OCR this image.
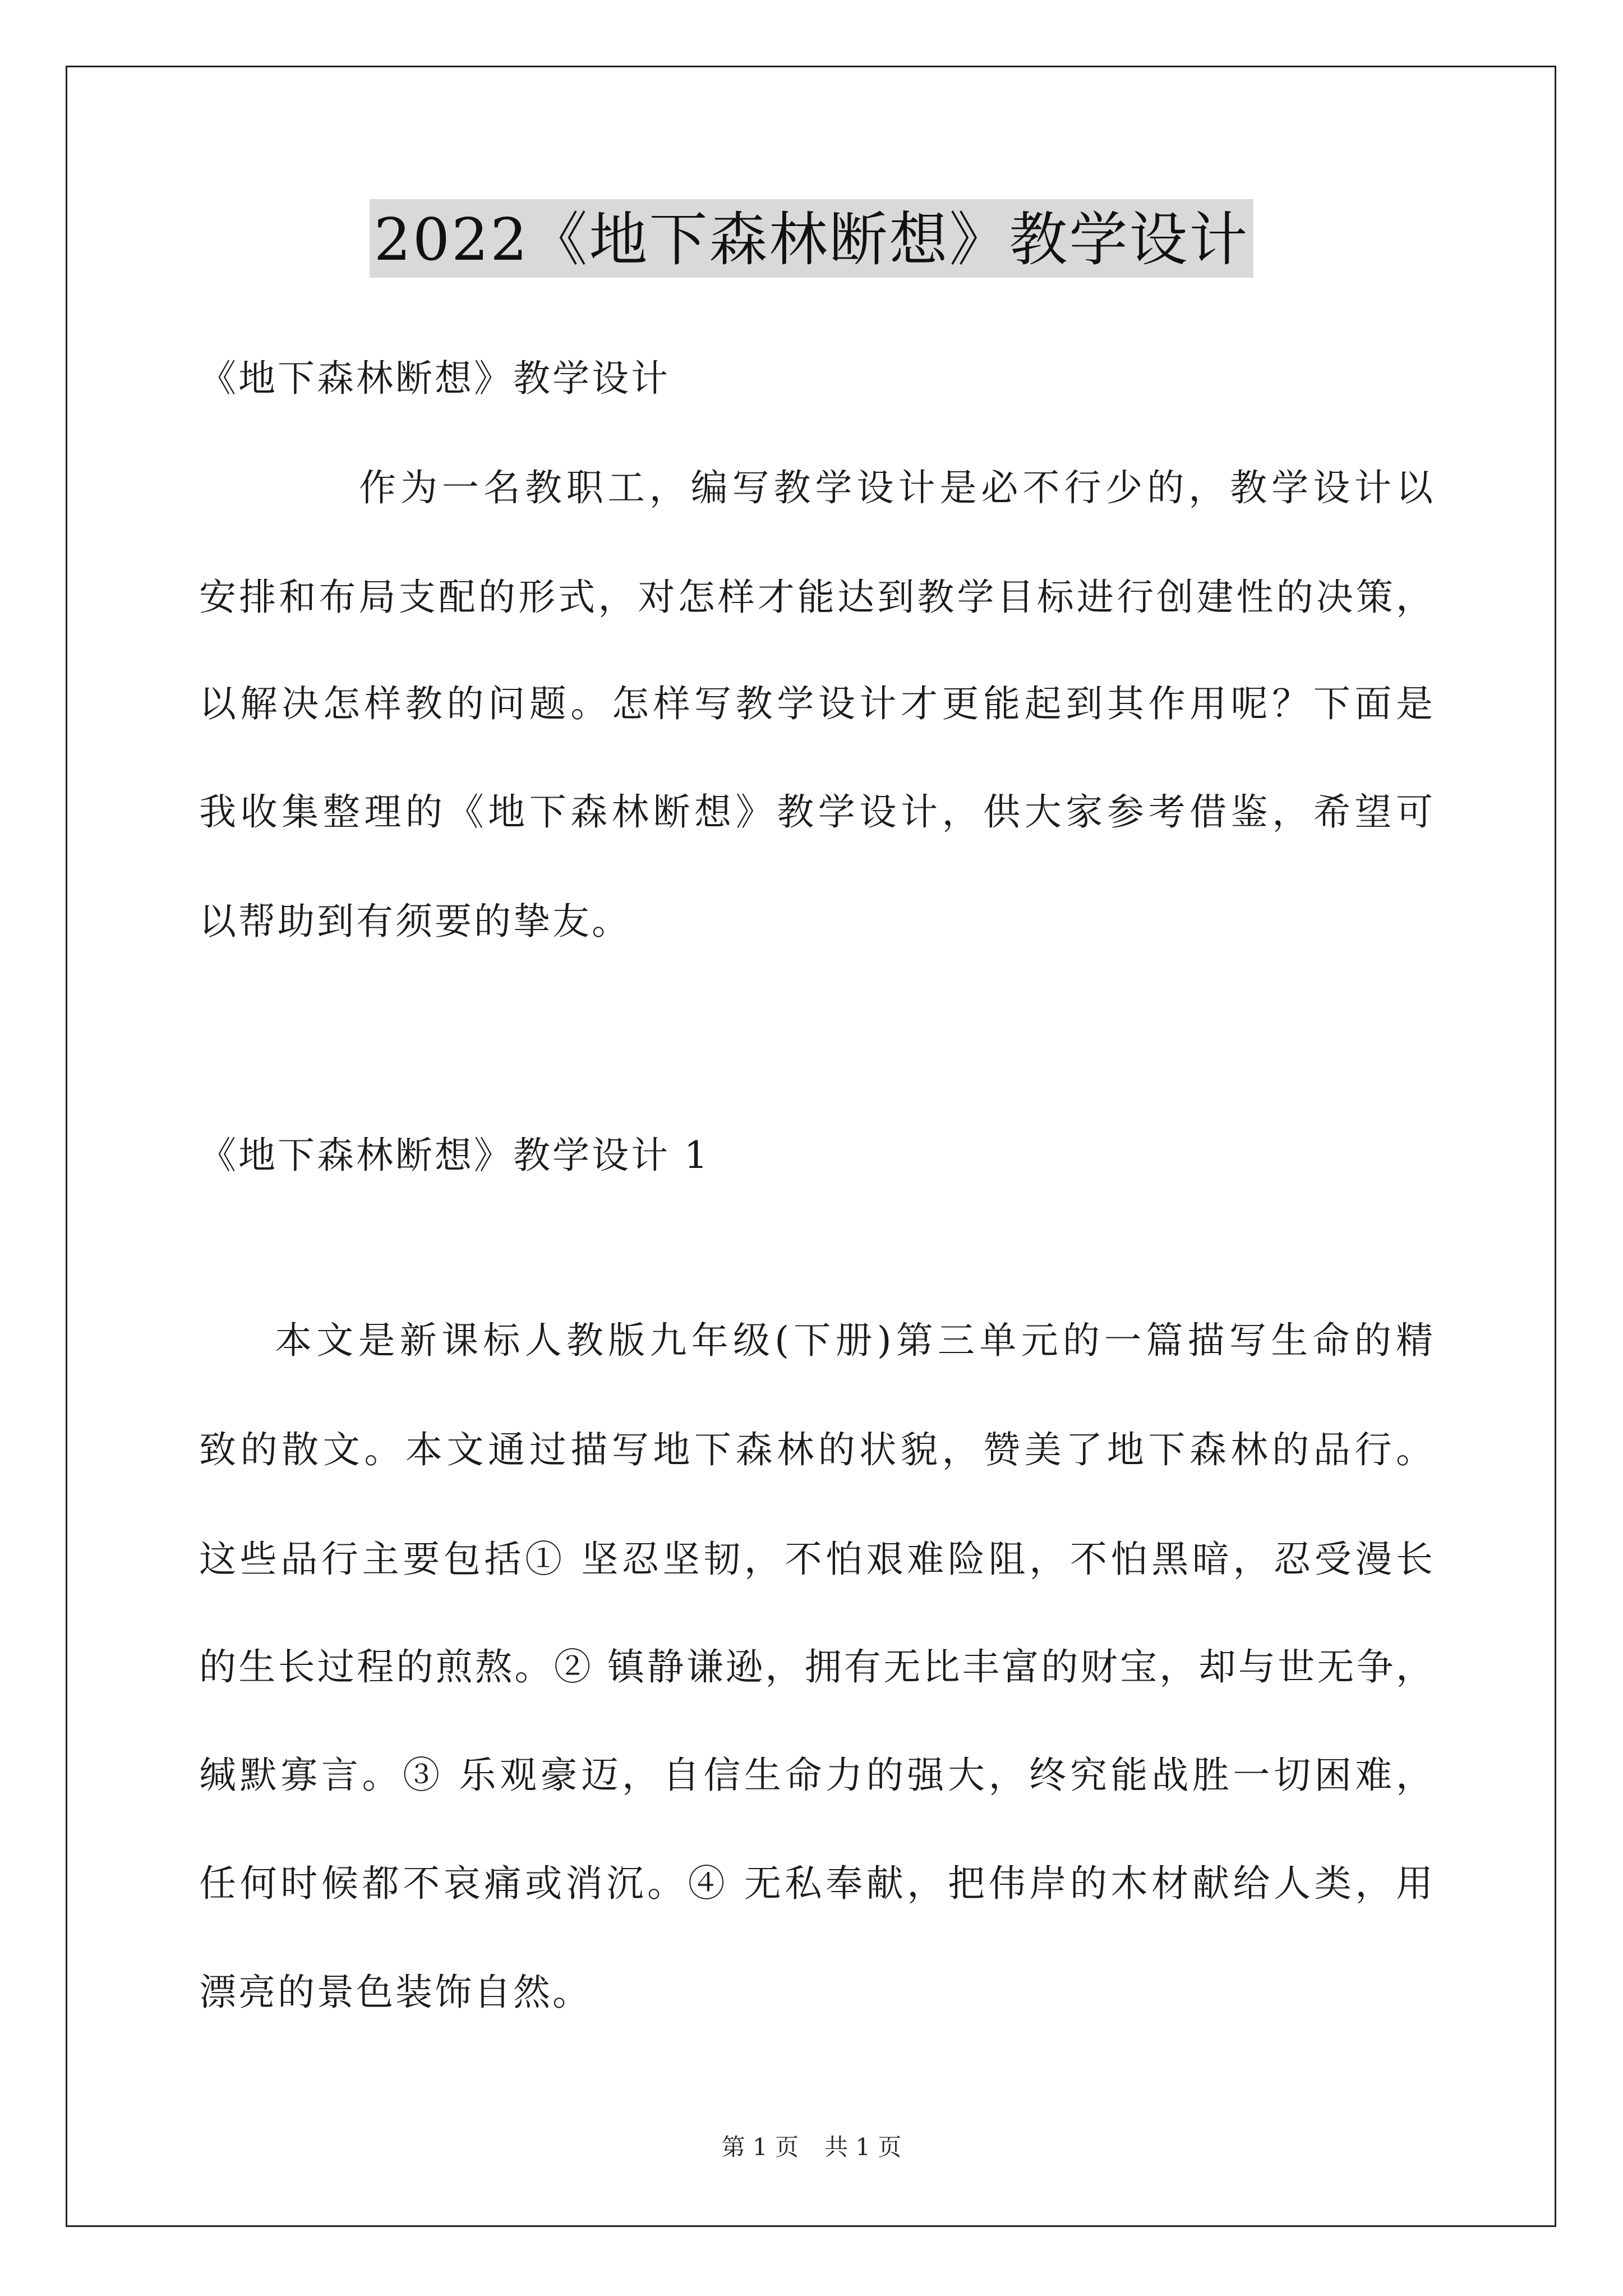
2022《地下森林断想》教学设计
《地下森林断想》教学设计
作为一名教职工，编写教学设计是必不行少的，教学设计以
安排和布局支配的形式，对怎样才能达到教学目标进行创建性的决策，
以解决怎样教的问题。怎样写教学设计才更能起到其作用呢？下面是
我收集整理的《地下森林断想》教学设计，供大家参考借鉴，希望可
以帮助到有须要的挚友。
《地下森林断想》教学设计 1
本文是新课标人教版九年级(下册)第三单元的一篇描写生命的精
致的散文。本文通过描写地下森林的状貌，赞美了地下森林的品行。
这些品行主要包括① 坚忍坚韧，不怕艰难险阻，不怕黑暗，忍受漫长
的生长过程的煎熬。② 镇静谦逊，拥有无比丰富的财宝，却与世无争，
缄默寡言。③ 乐观豪迈，自信生命力的强大，终究能战胜一切困难，
任何时候都不哀痛或消沉。④ 无私奉献，把伟岸的木材献给人类，用
漂亮的景色装饰自然。
第 1 页 共 1 页
